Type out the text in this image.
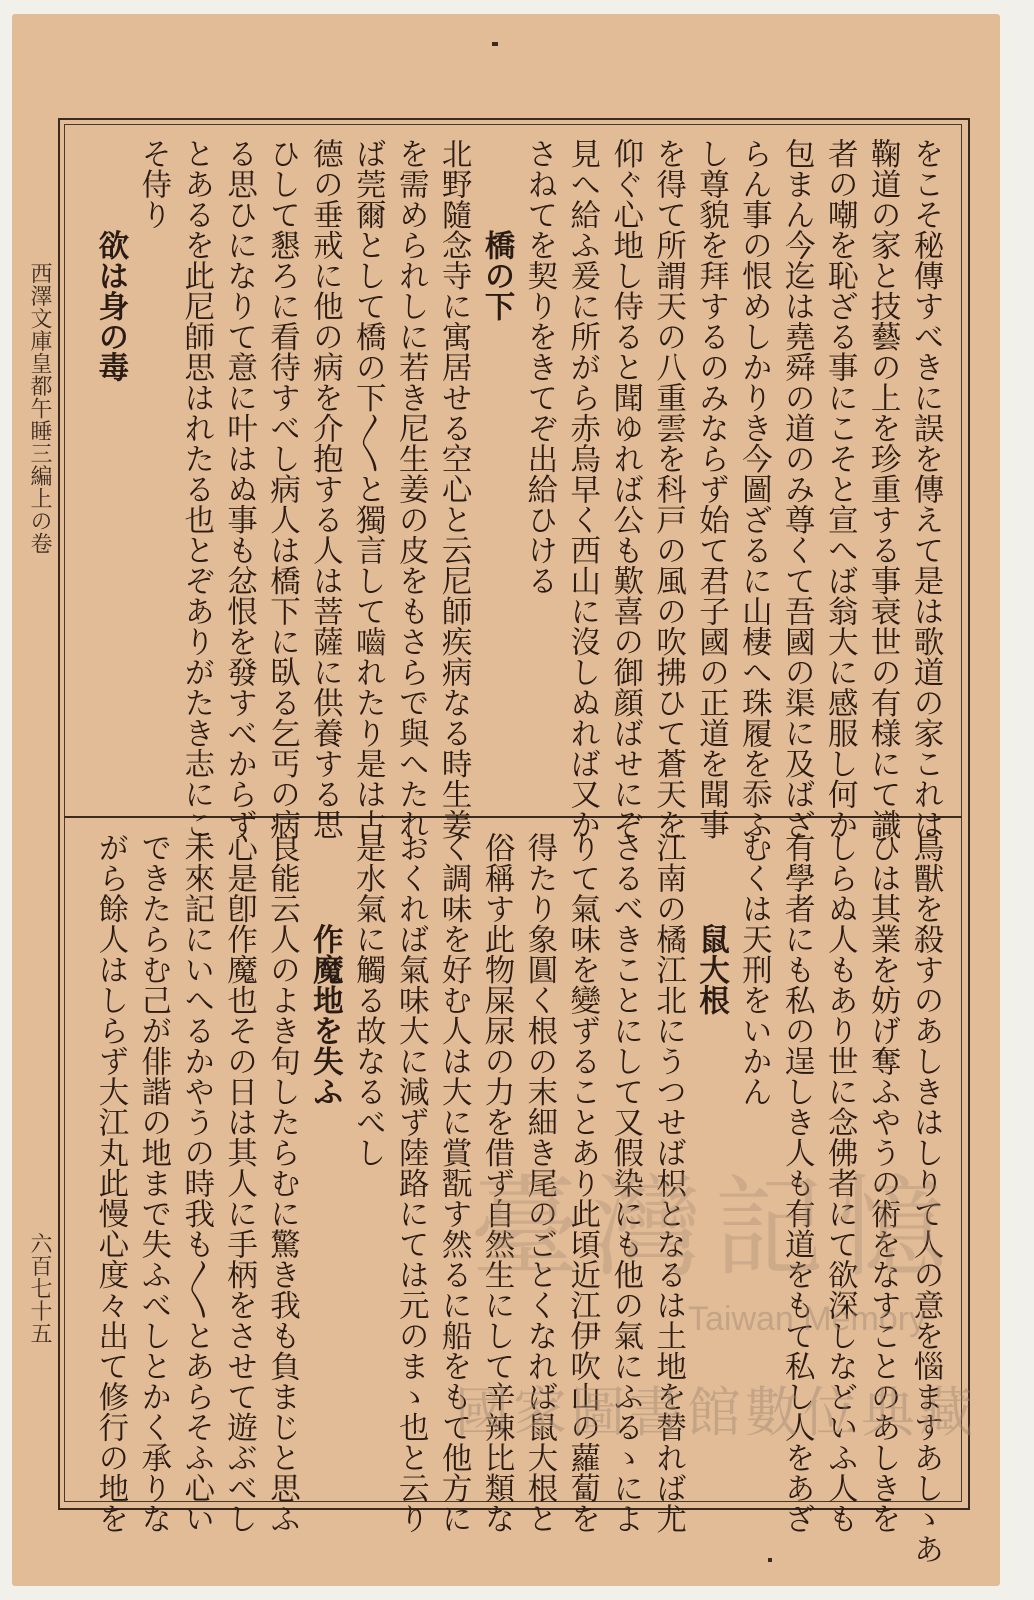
をこそ秘傳すべきに誤を傳えて是は歌道の家これは
鞠道の家と技藝の上を珍重する事衰世の有様にて識
者の嘲を恥ざる事にこそと宣へば翁大に感服し何か
包まん今迄は堯舜の道のみ尊くて吾國の渠に及ばざ
らん事の恨めしかりき今圖ざるに山棲へ珠履を忝ふ
し尊貌を拜するのみならず始て君子國の正道を聞事
を得て所謂天の八重雲を科戸の風の吹拂ひて蒼天を
仰ぐ心地し侍ると聞ゆれば公も歎喜の御顔ばせにぞ
見へ給ふ爰に所がら赤烏早く西山に沒しぬれば又か
さねてを契りをきてぞ出給ひける
　　　橋の下
北野隨念寺に寓居せる空心と云尼師疾病なる時生姜
を需められしに若き尼生姜の皮をもさらで與へたれ
ば莞爾として橋の下〳〵と獨言して嚙れたり是は古
德の垂戒に他の病を介抱する人は菩薩に供養する思
ひして懇ろに看待すべし病人は橋下に臥る乞丐の病
る思ひになりて意に叶はぬ事も忿恨を發すべからず
とあるを此尼師思はれたる也とぞありがたき志にこ
そ侍り
　　　欲は身の毒
鳥獸を殺すのあしきはしりて人の意を惱ますあしゝあ
ひは其業を妨げ奪ふやうの術をなすことのあしきを
しらぬ人もあり世に念佛者にて欲深しなどいふ人も
有學者にも私の逞しき人も有道をもて私し人をあざ
むくは天刑をいかん
　　　鼠大根
江南の橘江北にうつせば枳となるは土地を替れば尤
さるべきことにして又假染にも他の氣にふるゝによ
りて氣味を變ずることあり此頃近江伊吹山の蘿蔔を
得たり象圓く根の末細き尾のごとくなれば鼠大根と
俗稱す此物屎尿の力を借ず自然生にして辛辣比類な
く調味を好む人は大に賞翫す然るに船をもて他方に
おくれば氣味大に減ず陸路にては元のまゝ也と云り
是水氣に觸る故なるべし
　　　作魔地を失ふ
良能云人のよき句したらむに驚き我も負まじと思ふ
心是卽作魔也その日は其人に手柄をさせて遊ぶべし
未來記にいへるかやうの時我も〳〵とあらそふ心い
できたらむ己が俳諧の地まで失ふべしとかく承りな
がら餘人はしらず大江丸此慢心度々出て修行の地を
西澤文庫皇都午睡三編上の卷
六百七十五	臺灣記憶
Taiwan Memory
國家圖書館數位典藏
